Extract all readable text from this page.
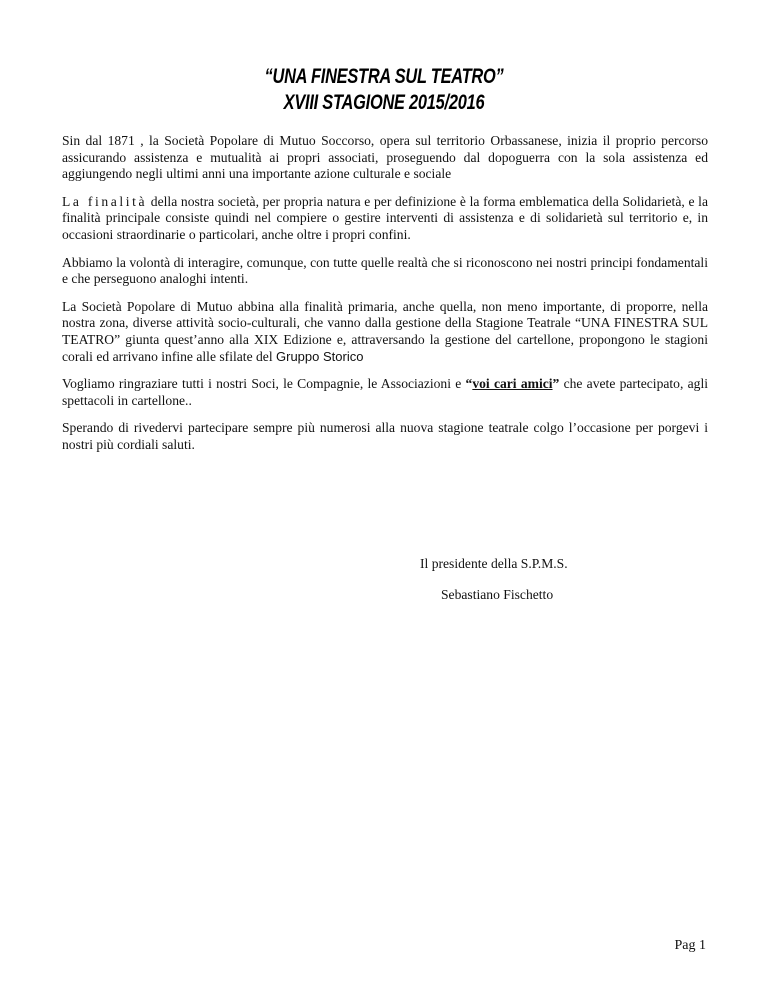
“UNA FINESTRA SUL TEATRO”
XVIII STAGIONE 2015/2016

Sin dal 1871 , la Società Popolare di Mutuo Soccorso, opera sul territorio Orbassanese, inizia il proprio percorso assicurando assistenza e mutualità ai propri associati, proseguendo dal dopoguerra con la sola assistenza ed aggiungendo negli ultimi anni una importante azione culturale e sociale

La finalità della nostra società, per propria natura e per definizione è la forma emblematica della Solidarietà, e la finalità principale consiste quindi nel compiere o gestire interventi di assistenza e di solidarietà sul territorio e, in occasioni straordinarie o particolari, anche oltre i propri confini.

Abbiamo la volontà di interagire, comunque, con tutte quelle realtà che si riconoscono nei nostri principi fondamentali e che perseguono analoghi intenti.

La Società Popolare di Mutuo abbina alla finalità primaria, anche quella, non meno importante, di proporre, nella nostra zona, diverse attività socio-culturali, che vanno dalla gestione della Stagione Teatrale “UNA FINESTRA SUL TEATRO” giunta quest’anno alla XIX Edizione e, attraversando la gestione del cartellone, propongono le stagioni corali ed arrivano infine alle sfilate del Gruppo Storico

Vogliamo ringraziare tutti i nostri Soci, le Compagnie, le Associazioni e “voi cari amici” che avete partecipato, agli spettacoli in cartellone..

Sperando di rivedervi partecipare sempre più numerosi alla nuova stagione teatrale colgo l’occasione per porgevi i nostri più cordiali saluti.

Il presidente della S.P.M.S.
Sebastiano Fischetto
Pag 1
